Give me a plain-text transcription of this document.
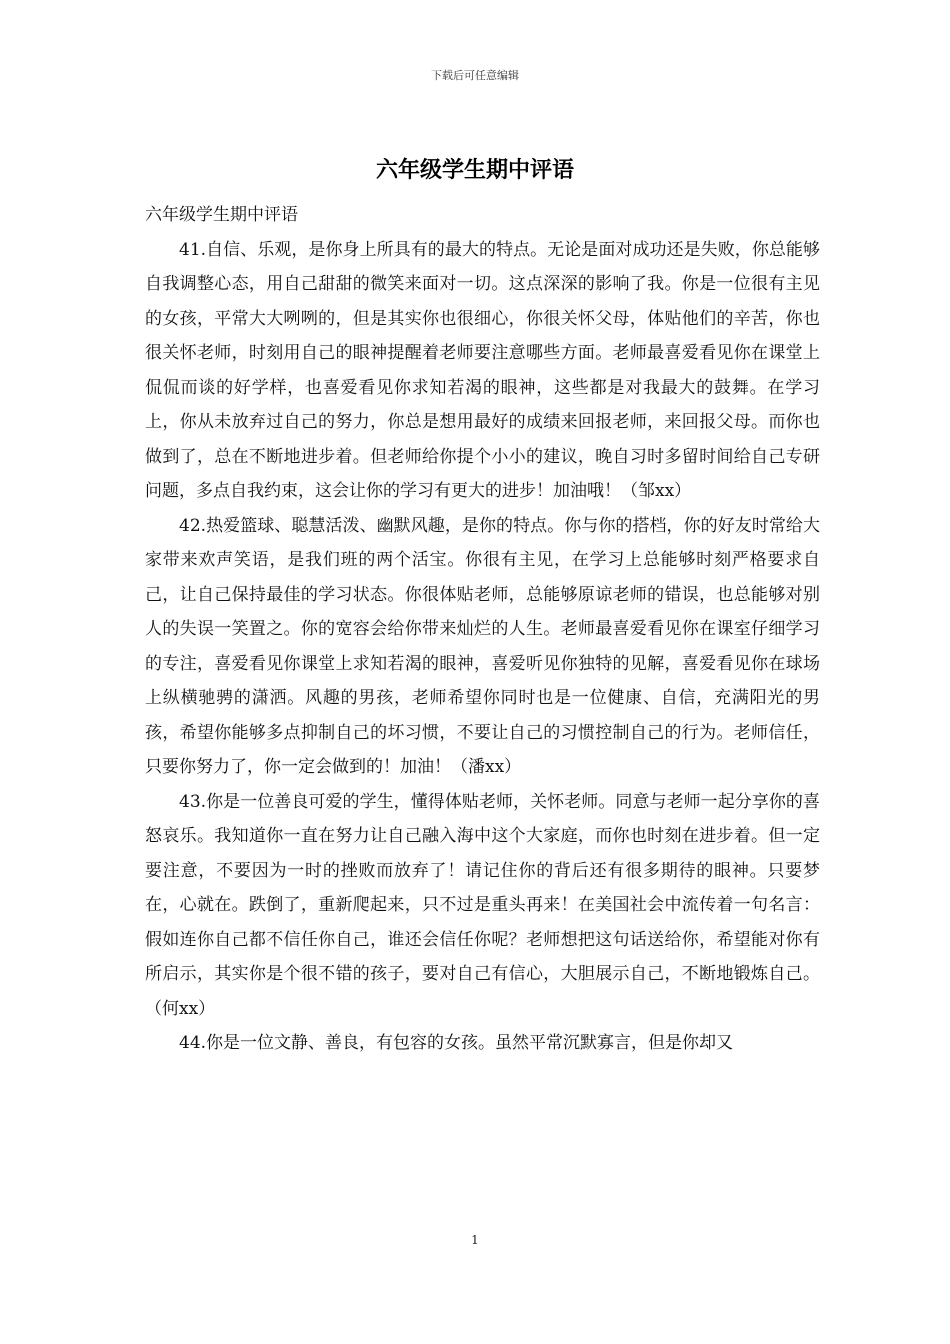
下载后可任意编辑
六年级学生期中评语

六年级学生期中评语

41.自信、乐观，是你身上所具有的最大的特点。无论是面对成功还是失败，你总能够自我调整心态，用自己甜甜的微笑来面对一切。这点深深的影响了我。你是一位很有主见的女孩，平常大大咧咧的，但是其实你也很细心，你很关怀父母，体贴他们的辛苦，你也很关怀老师，时刻用自己的眼神提醒着老师要注意哪些方面。老师最喜爱看见你在课堂上侃侃而谈的好学样，也喜爱看见你求知若渴的眼神，这些都是对我最大的鼓舞。在学习上，你从未放弃过自己的努力，你总是想用最好的成绩来回报老师，来回报父母。而你也做到了，总在不断地进步着。但老师给你提个小小的建议，晚自习时多留时间给自己专研问题，多点自我约束，这会让你的学习有更大的进步！加油哦！（邹xx）

42.热爱篮球、聪慧活泼、幽默风趣，是你的特点。你与你的搭档，你的好友时常给大家带来欢声笑语，是我们班的两个活宝。你很有主见，在学习上总能够时刻严格要求自己，让自己保持最佳的学习状态。你很体贴老师，总能够原谅老师的错误，也总能够对别人的失误一笑置之。你的宽容会给你带来灿烂的人生。老师最喜爱看见你在课室仔细学习的专注，喜爱看见你课堂上求知若渴的眼神，喜爱听见你独特的见解，喜爱看见你在球场上纵横驰骋的潇洒。风趣的男孩，老师希望你同时也是一位健康、自信，充满阳光的男孩，希望你能够多点抑制自己的坏习惯，不要让自己的习惯控制自己的行为。老师信任，只要你努力了，你一定会做到的！加油！（潘xx）

43.你是一位善良可爱的学生，懂得体贴老师，关怀老师。同意与老师一起分享你的喜怒哀乐。我知道你一直在努力让自己融入海中这个大家庭，而你也时刻在进步着。但一定要注意，不要因为一时的挫败而放弃了！请记住你的背后还有很多期待的眼神。只要梦在，心就在。跌倒了，重新爬起来，只不过是重头再来！在美国社会中流传着一句名言：假如连你自己都不信任你自己，谁还会信任你呢？老师想把这句话送给你，希望能对你有所启示，其实你是个很不错的孩子，要对自己有信心，大胆展示自己，不断地锻炼自己。（何xx）

44.你是一位文静、善良，有包容的女孩。虽然平常沉默寡言，但是你却又

1
